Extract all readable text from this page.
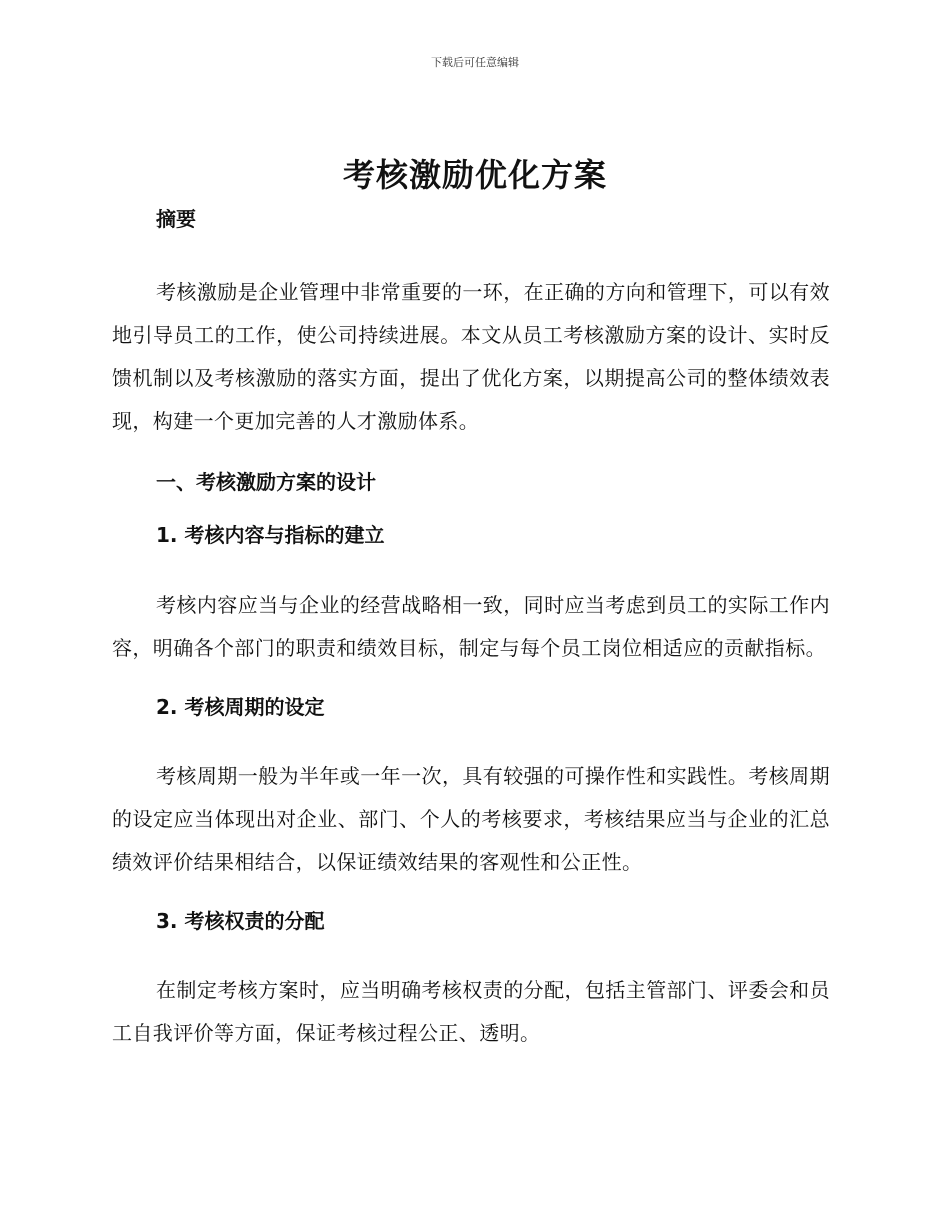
下载后可任意编辑
考核激励优化方案

摘要

考核激励是企业管理中非常重要的一环，在正确的方向和管理下，可以有效地引导员工的工作，使公司持续进展。本文从员工考核激励方案的设计、实时反馈机制以及考核激励的落实方面，提出了优化方案，以期提高公司的整体绩效表现，构建一个更加完善的人才激励体系。

一、考核激励方案的设计

1. 考核内容与指标的建立

考核内容应当与企业的经营战略相一致，同时应当考虑到员工的实际工作内容，明确各个部门的职责和绩效目标，制定与每个员工岗位相适应的贡献指标。

2. 考核周期的设定

考核周期一般为半年或一年一次，具有较强的可操作性和实践性。考核周期的设定应当体现出对企业、部门、个人的考核要求，考核结果应当与企业的汇总绩效评价结果相结合，以保证绩效结果的客观性和公正性。

3. 考核权责的分配

在制定考核方案时，应当明确考核权责的分配，包括主管部门、评委会和员工自我评价等方面，保证考核过程公正、透明。
